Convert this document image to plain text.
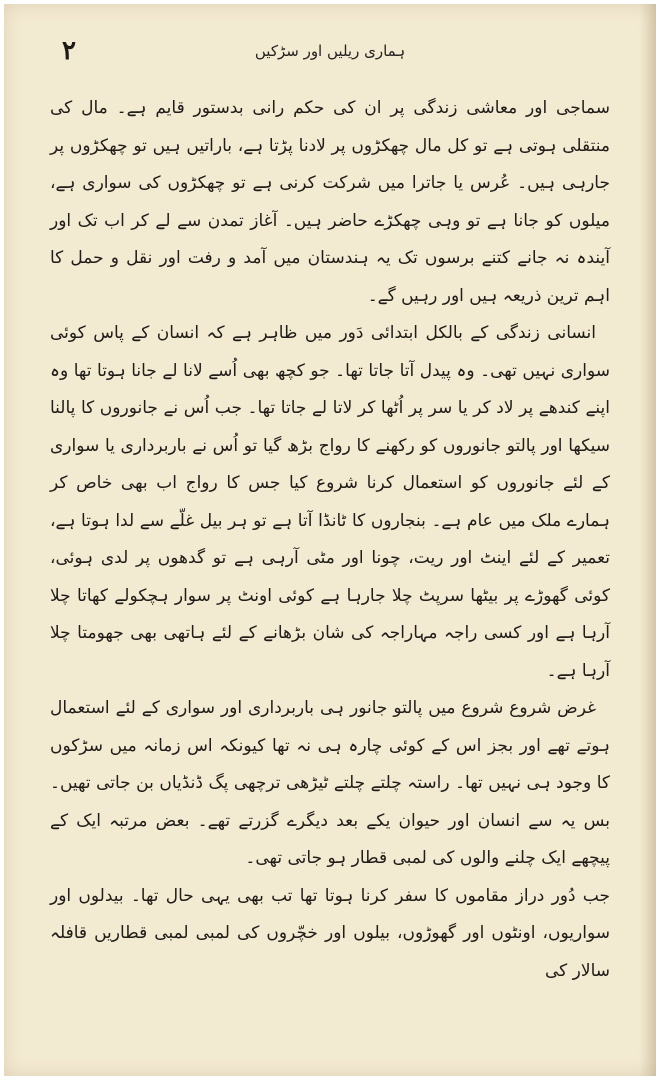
۲	ہماری ریلیں اور سڑکیں

سماجی اور معاشی زندگی پر ان کی حکم رانی بدستور قایم ہے۔ مال کی منتقلی ہوتی ہے تو کل مال چھکڑوں پر لادنا پڑتا ہے، باراتیں ہیں تو چھکڑوں پر جارہی ہیں۔ عُرس یا جاترا میں شرکت کرنی ہے تو چھکڑوں کی سواری ہے، میلوں کو جانا ہے تو وہی چھکڑے حاضر ہیں۔ آغاز تمدن سے لے کر اب تک اور آیندہ نہ جانے کتنے برسوں تک یہ ہندستان میں آمد و رفت اور نقل و حمل کا اہم ترین ذریعہ ہیں اور رہیں گے۔

انسانی زندگی کے بالکل ابتدائی دَور میں ظاہر ہے کہ انسان کے پاس کوئی سواری نہیں تھی۔ وہ پیدل آتا جاتا تھا۔ جو کچھ بھی اُسے لانا لے جانا ہوتا تھا وہ اپنے کندھے پر لاد کر یا سر پر اُٹھا کر لاتا لے جاتا تھا۔ جب اُس نے جانوروں کا پالنا سیکھا اور پالتو جانوروں کو رکھنے کا رواج بڑھ گیا تو اُس نے باربرداری یا سواری کے لئے جانوروں کو استعمال کرنا شروع کیا جس کا رواج اب بھی خاص کر ہمارے ملک میں عام ہے۔ بنجاروں کا ٹانڈا آتا ہے تو ہر بیل غلّے سے لدا ہوتا ہے، تعمیر کے لئے اینٹ اور ریت، چونا اور مٹی آرہی ہے تو گدھوں پر لدی ہوئی، کوئی گھوڑے پر بیٹھا سرپٹ چلا جارہا ہے کوئی اونٹ پر سوار ہچکولے کھاتا چلا آرہا ہے اور کسی راجہ مہاراجہ کی شان بڑھانے کے لئے ہاتھی بھی جھومتا چلا آرہا ہے۔

غرض شروع شروع میں پالتو جانور ہی باربرداری اور سواری کے لئے استعمال ہوتے تھے اور بجز اس کے کوئی چارہ ہی نہ تھا کیونکہ اس زمانہ میں سڑکوں کا وجود ہی نہیں تھا۔ راستہ چلتے چلتے ٹیڑھی ترچھی پگ ڈنڈیاں بن جاتی تھیں۔ بس یہ سے انسان اور حیوان یکے بعد دیگرے گزرتے تھے۔ بعض مرتبہ ایک کے پیچھے ایک چلنے والوں کی لمبی قطار ہو جاتی تھی۔

جب دُور دراز مقاموں کا سفر کرنا ہوتا تھا تب بھی یہی حال تھا۔ بیدلوں اور سواریوں، اونٹوں اور گھوڑوں، بیلوں اور خچّروں کی لمبی لمبی قطاریں قافلہ سالار کی
